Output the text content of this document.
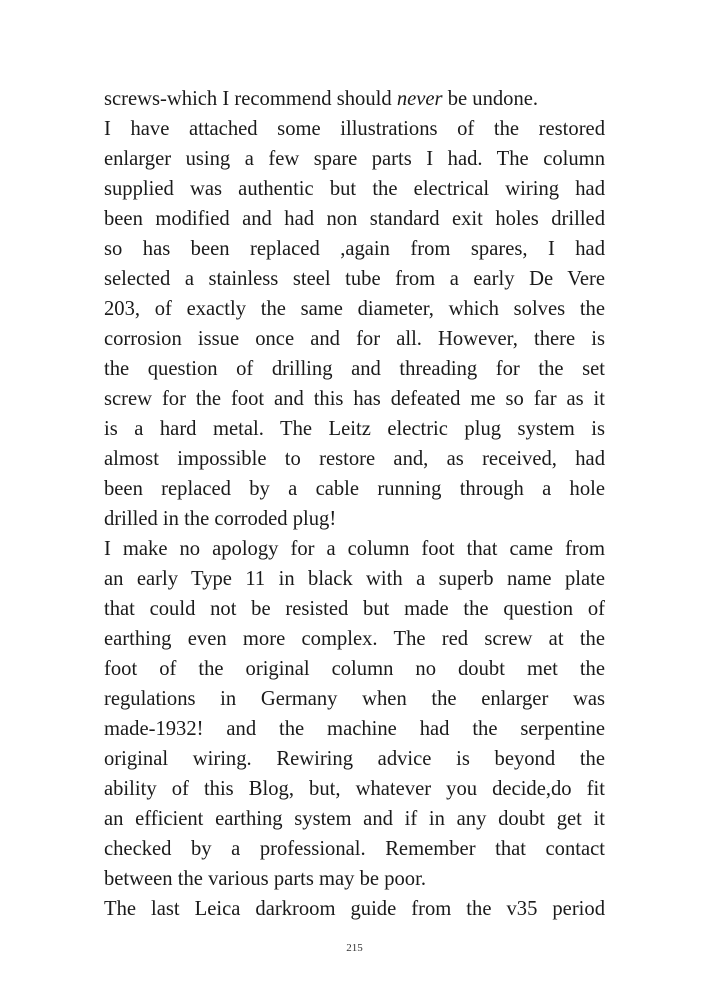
screws-which I recommend should never be undone.
I have attached some illustrations of the restored
enlarger using a few spare parts I had. The column
supplied was authentic but the electrical wiring had
been modified and had non standard exit holes drilled
so has been replaced ,again from spares, I had
selected a stainless steel tube from a early De Vere
203, of exactly the same diameter, which solves the
corrosion issue once and for all. However, there is
the question of drilling and threading for the set
screw for the foot and this has defeated me so far as it
is a hard metal. The Leitz electric plug system is
almost impossible to restore and, as received, had
been replaced by a cable running through a hole
drilled in the corroded plug!
I make no apology for a column foot that came from
an early Type 11 in black with a superb name plate
that could not be resisted but made the question of
earthing even more complex. The red screw at the
foot of the original column no doubt met the
regulations in Germany when the enlarger was
made-1932! and the machine had the serpentine
original wiring. Rewiring advice is beyond the
ability of this Blog, but, whatever you decide,do fit
an efficient earthing system and if in any doubt get it
checked by a professional. Remember that contact
between the various parts may be poor.
The last Leica darkroom guide from the v35 period
215
